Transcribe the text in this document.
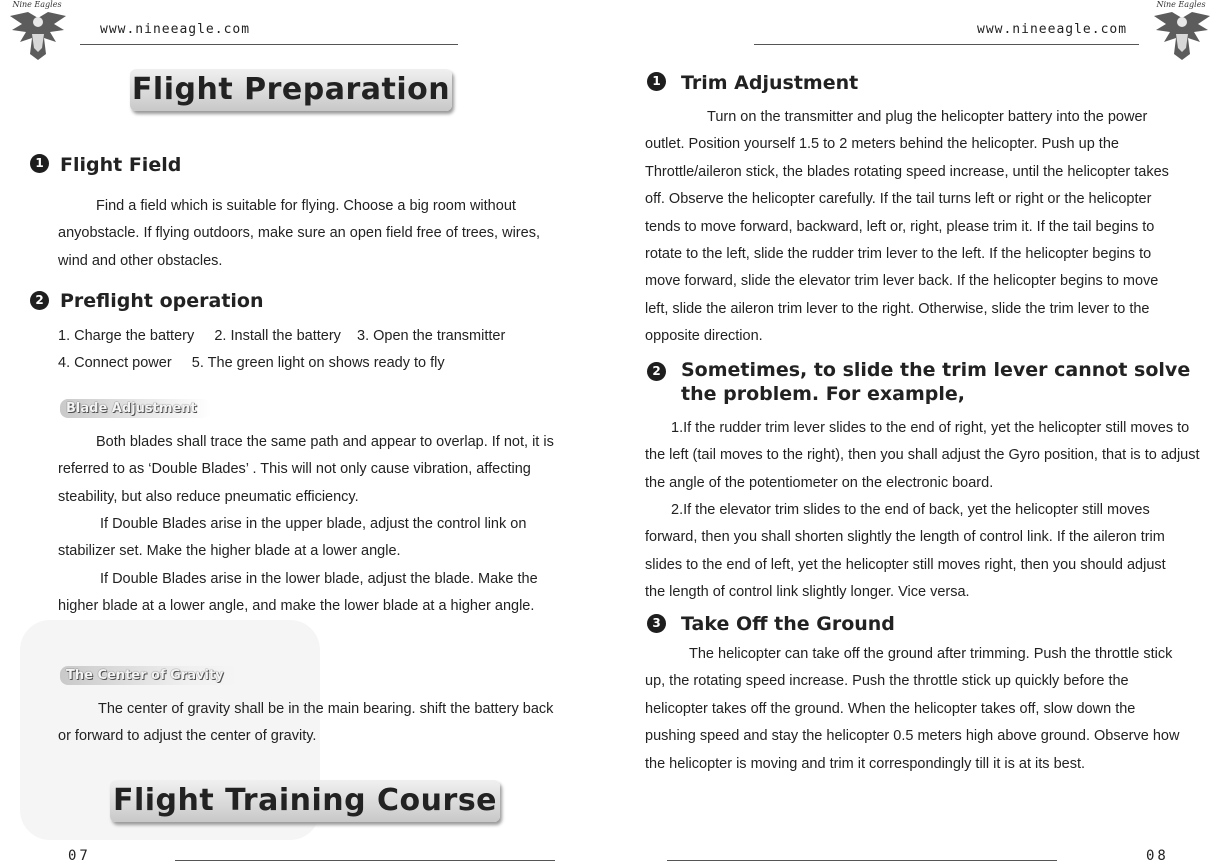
Nine Eagles
www.nineeagle.com
Flight Preparation
1 Flight Field

Find a field which is suitable for flying. Choose a big room without anyobstacle. If flying outdoors, make sure an open field free of trees, wires, wind and other obstacles.

2 Preflight operation
1. Charge the battery     2. Install the battery    3. Open the transmitter
4. Connect power     5. The green light on shows ready to fly
Blade Adjustment

Both blades shall trace the same path and appear to overlap. If not, it is referred to as ‘Double Blades’ . This will not only cause vibration, affecting steability, but also reduce pneumatic efficiency.

If Double Blades arise in the upper blade, adjust the control link on stabilizer set. Make the higher blade at a lower angle.

If Double Blades arise in the lower blade, adjust the blade. Make the higher blade at a lower angle, and make the lower blade at a higher angle.

The Center of Gravity

The center of gravity shall be in the main bearing. shift the battery back or forward to adjust the center of gravity.

Flight Training Course
07
Nine Eagles
www.nineeagle.com
1 Trim Adjustment

Turn on the transmitter and plug the helicopter battery into the power outlet. Position yourself 1.5 to 2 meters behind the helicopter. Push up the Throttle/aileron stick, the blades rotating speed increase, until the helicopter takes off. Observe the helicopter carefully. If the tail turns left or right or the helicopter tends to move forward, backward, left or, right, please trim it. If the tail begins to rotate to the left, slide the rudder trim lever to the left. If the helicopter begins to move forward, slide the elevator trim lever back. If the helicopter begins to move left, slide the aileron trim lever to the right. Otherwise, slide the trim lever to the opposite direction.

2 Sometimes, to slide the trim lever cannot solve
the problem. For example,

1.If the rudder trim lever slides to the end of right, yet the helicopter still moves to the left (tail moves to the right), then you shall adjust the Gyro position, that is to adjust the angle of the potentiometer on the electronic board.

2.If the elevator trim slides to the end of back, yet the helicopter still moves forward, then you shall shorten slightly the length of control link. If the aileron trim slides to the end of left, yet the helicopter still moves right, then you should adjust the length of control link slightly longer. Vice versa.

3 Take Off the Ground

The helicopter can take off the ground after trimming. Push the throttle stick up, the rotating speed increase. Push the throttle stick up quickly before the helicopter takes off the ground. When the helicopter takes off, slow down the pushing speed and stay the helicopter 0.5 meters high above ground. Observe how the helicopter is moving and trim it correspondingly till it is at its best.

08
